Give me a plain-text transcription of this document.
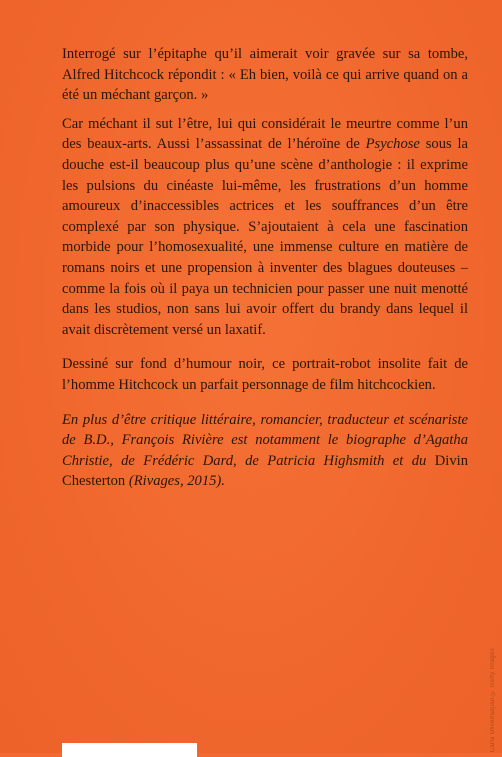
Interrogé sur l’épitaphe qu’il aimerait voir gravée sur sa tombe, Alfred Hitchcock répondit : « Eh bien, voilà ce qui arrive quand on a été un méchant garçon. »

Car méchant il sut l’être, lui qui considérait le meurtre comme l’un des beaux-arts. Aussi l’assassinat de l’héroïne de Psychose sous la douche est-il beaucoup plus qu’une scène d’anthologie : il exprime les pulsions du cinéaste lui-même, les frustrations d’un homme amoureux d’inaccessibles actrices et les souffrances d’un être complexé par son physique. S’ajoutaient à cela une fascination morbide pour l’homosexualité, une immense culture en matière de romans noirs et une propension à inventer des blagues douteuses – comme la fois où il paya un technicien pour passer une nuit menotté dans les studios, non sans lui avoir offert du brandy dans lequel il avait discrètement versé un laxatif.

Dessiné sur fond d’humour noir, ce portrait-robot insolite fait de l’homme Hitchcock un parfait personnage de film hitchcockien.

En plus d’être critique littéraire, romancier, traducteur et scénariste de B.D., François Rivière est notamment le biographe d’Agatha Christie, de Frédéric Dard, de Patricia Highsmith et du Divin Chesterton (Rivages, 2015).

Carla Oliveiradjian © Getty Images
